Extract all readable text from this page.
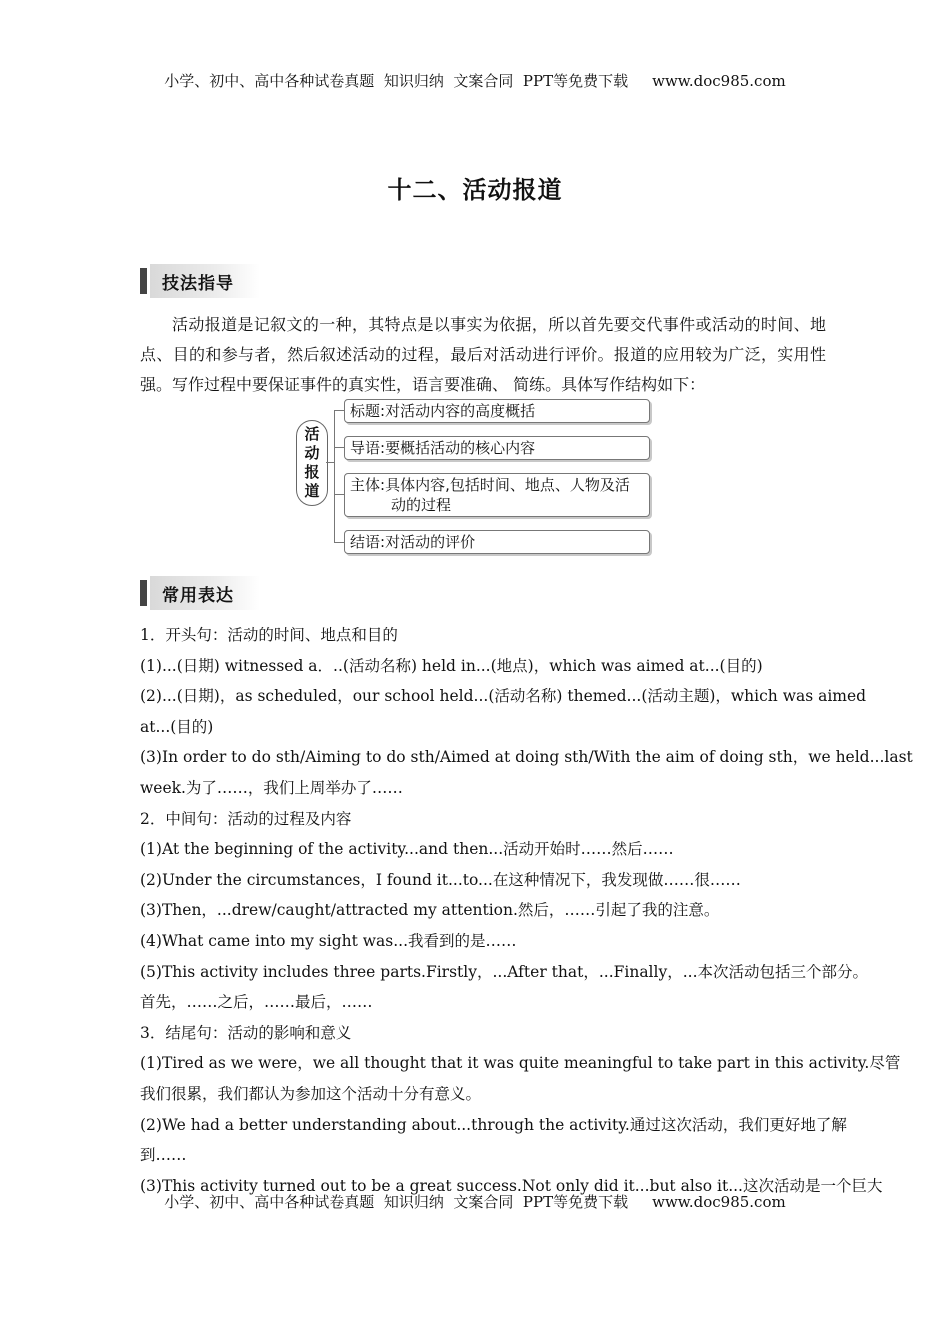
小学、初中、高中各种试卷真题  知识归纳  文案合同  PPT等免费下载 www.doc985.com
十二、活动报道
技法指导
活动报道是记叙文的一种，其特点是以事实为依据，所以首先要交代事件或活动的时间、地点、目的和参与者，然后叙述活动的过程，最后对活动进行评价。报道的应用较为广泛，实用性强。写作过程中要保证事件的真实性，语言要准确、 简练。具体写作结构如下：
活
动
报
道
标题:对活动内容的高度概括
导语:要概括活动的核心内容
主体:具体内容,包括时间、地点、人物及活
动的过程
结语:对活动的评价
常用表达
1．开头句：活动的时间、地点和目的
(1)...(日期) witnessed a．..(活动名称) held in...(地点)，which was aimed at...(目的)
(2)...(日期)，as scheduled，our school held...(活动名称) themed...(活动主题)，which was aimed
at...(目的)
(3)In order to do sth/Aiming to do sth/Aimed at doing sth/With the aim of doing sth，we held...last
week.为了……，我们上周举办了……
2．中间句：活动的过程及内容
(1)At the beginning of the activity...and then...活动开始时……然后……
(2)Under the circumstances，I found it...to...在这种情况下，我发现做……很……
(3)Then，...drew/caught/attracted my attention.然后，……引起了我的注意。
(4)What came into my sight was...我看到的是……
(5)This activity includes three parts.Firstly，...After that，...Finally，...本次活动包括三个部分。
首先，……之后，……最后，……
3．结尾句：活动的影响和意义
(1)Tired as we were，we all thought that it was quite meaningful to take part in this activity.尽管
我们很累，我们都认为参加这个活动十分有意义。
(2)We had a better understanding about...through the activity.通过这次活动，我们更好地了解
到……
(3)This activity turned out to be a great success.Not only did it...but also it...这次活动是一个巨大
小学、初中、高中各种试卷真题  知识归纳  文案合同  PPT等免费下载 www.doc985.com
